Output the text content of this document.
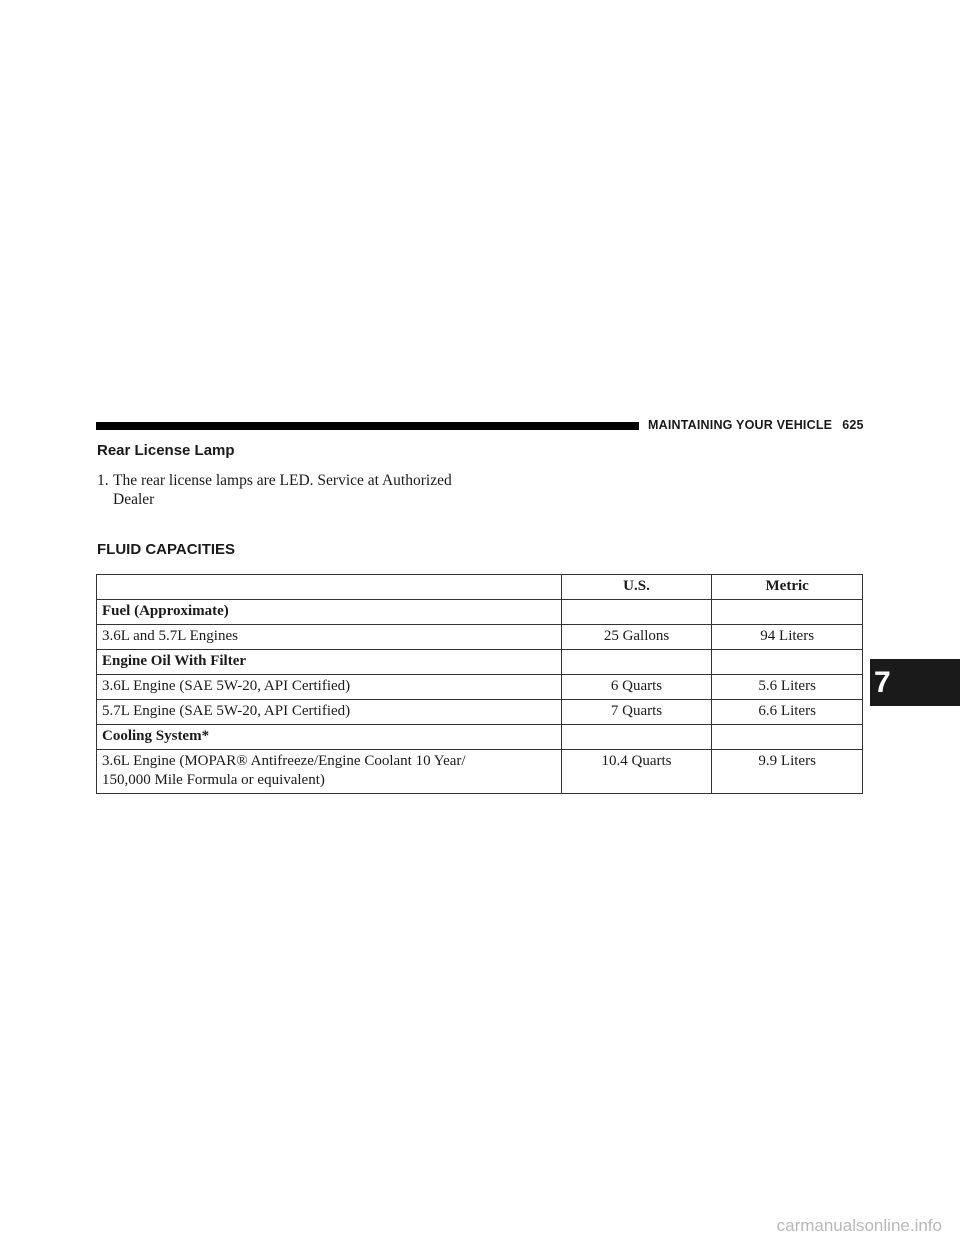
MAINTAINING YOUR VEHICLE 625
Rear License Lamp
1. The rear license lamps are LED. Service at Authorized
Dealer
FLUID CAPACITIES
	U.S.	Metric
Fuel (Approximate)		
3.6L and 5.7L Engines	25 Gallons	94 Liters
Engine Oil With Filter		
3.6L Engine (SAE 5W-20, API Certified)	6 Quarts	5.6 Liters
5.7L Engine (SAE 5W-20, API Certified)	7 Quarts	6.6 Liters
Cooling System*		
3.6L Engine (MOPAR® Antifreeze/Engine Coolant 10 Year/
150,000 Mile Formula or equivalent)	10.4 Quarts	9.9 Liters
7
carmanualsonline.info
